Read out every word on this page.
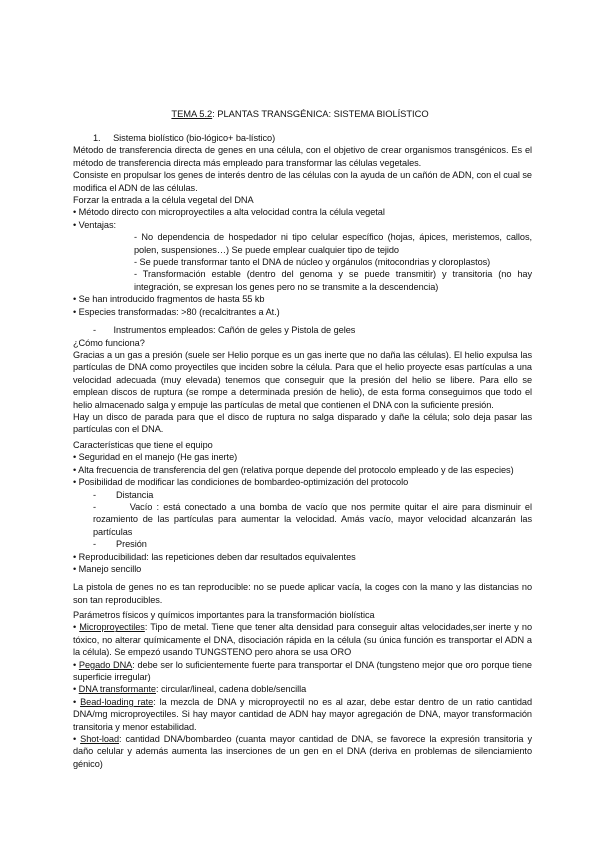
TEMA 5.2: PLANTAS TRANSGÉNICA: SISTEMA BIOLÍSTICO

1.     Sistema biolístico (bio-lógico+ ba-lístico)

Método de transferencia directa de genes en una célula, con el objetivo de crear organismos transgénicos. Es el método de transferencia directa más empleado para transformar las células vegetales.

Consiste en propulsar los genes de interés dentro de las células con la ayuda de un cañón de ADN, con el cual se modifica el ADN de las células.

Forzar la entrada a la célula vegetal del DNA

• Método directo con microproyectiles a alta velocidad contra la célula vegetal

• Ventajas:

- No dependencia de hospedador ni tipo celular específico (hojas, ápices, meristemos, callos, polen, suspensiones…) Se puede emplear cualquier tipo de tejido

- Se puede transformar tanto el DNA de núcleo y orgánulos (mitocondrias y cloroplastos)

- Transformación estable (dentro del genoma y se puede transmitir) y transitoria (no hay integración, se expresan los genes pero no se transmite a la descendencia)

• Se han introducido fragmentos de hasta 55 kb

• Especies transformadas: >80 (recalcitrantes a At.)

-       Instrumentos empleados: Cañón de geles y Pistola de geles

¿Cómo funciona?

Gracias a un gas a presión (suele ser Helio porque es un gas inerte que no daña las células). El helio expulsa las partículas de DNA como proyectiles que inciden sobre la célula. Para que el helio proyecte esas partículas a una velocidad adecuada (muy elevada) tenemos que conseguir que la presión del helio se libere. Para ello se emplean discos de ruptura (se rompe a determinada presión de helio), de esta forma conseguimos que todo el helio almacenado salga y empuje las partículas de metal que contienen el DNA con la suficiente presión.

Hay un disco de parada para que el disco de ruptura no salga disparado y dañe la célula; solo deja pasar las partículas con el DNA.

Características que tiene el equipo

• Seguridad en el manejo (He gas inerte)

• Alta frecuencia de transferencia del gen (relativa porque depende del protocolo empleado y de las especies)

• Posibilidad de modificar las condiciones de bombardeo-optimización del protocolo

-        Distancia

-        Vacío : está conectado a una bomba de vacío que nos permite quitar el aire para disminuir el rozamiento de las partículas para aumentar la velocidad. Amás vacío, mayor velocidad alcanzarán las partículas

-        Presión

• Reproducibilidad: las repeticiones deben dar resultados equivalentes

• Manejo sencillo

La pistola de genes no es tan reproducible: no se puede aplicar vacía, la coges con la mano y las distancias no son tan reproducibles.

Parámetros físicos y químicos importantes para la transformación biolística

• Microproyectiles: Tipo de metal. Tiene que tener alta densidad para conseguir altas velocidades,ser inerte y no tóxico, no alterar químicamente el DNA, disociación rápida en la célula (su única función es transportar el ADN a la célula). Se empezó usando TUNGSTENO pero ahora se usa ORO

• Pegado DNA: debe ser lo suficientemente fuerte para transportar el DNA (tungsteno mejor que oro porque tiene superficie irregular)

• DNA transformante: circular/lineal, cadena doble/sencilla

• Bead-loading rate: la mezcla de DNA y microproyectil no es al azar, debe estar dentro de un ratio cantidad DNA/mg microproyectiles. Si hay mayor cantidad de ADN hay mayor agregación de DNA, mayor transformación transitoria y menor estabilidad.

• Shot-load: cantidad DNA/bombardeo (cuanta mayor cantidad de DNA, se favorece la expresión transitoria y daño celular y además aumenta las inserciones de un gen en el DNA (deriva en problemas de silenciamiento génico)
